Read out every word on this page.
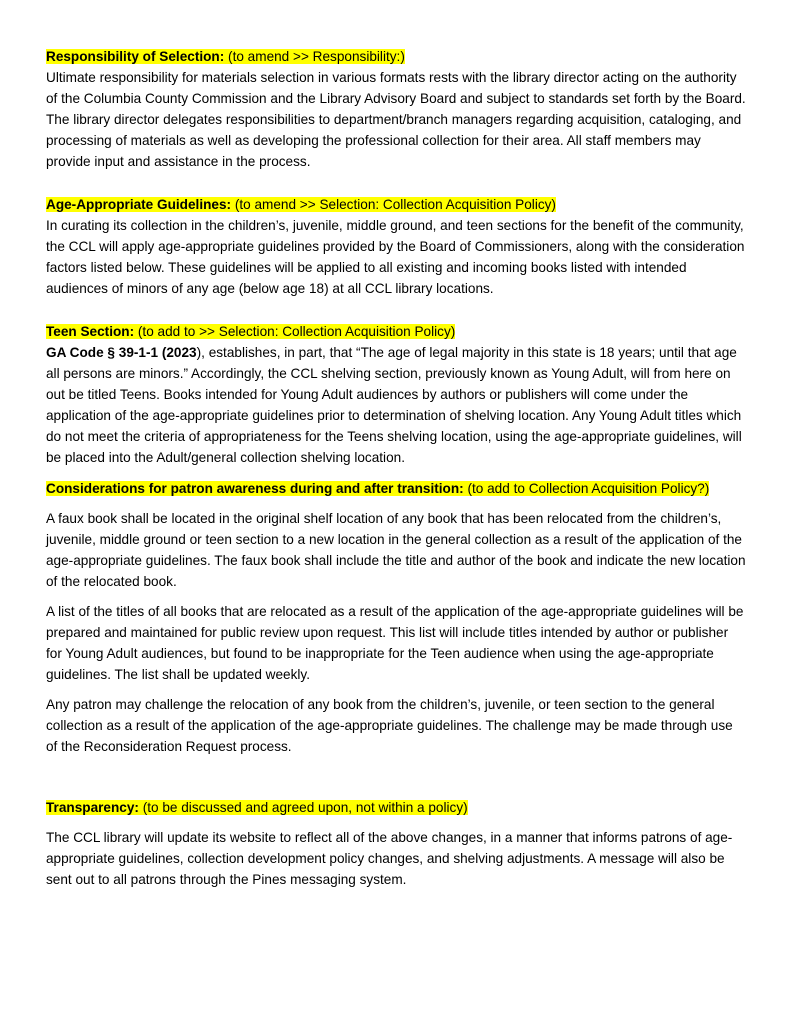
Responsibility of Selection: (to amend >> Responsibility:)

Ultimate responsibility for materials selection in various formats rests with the library director acting on the authority of the Columbia County Commission and the Library Advisory Board and subject to standards set forth by the Board. The library director delegates responsibilities to department/branch managers regarding acquisition, cataloging, and processing of materials as well as developing the professional collection for their area. All staff members may provide input and assistance in the process.

Age-Appropriate Guidelines: (to amend >> Selection: Collection Acquisition Policy)

In curating its collection in the children’s, juvenile, middle ground, and teen sections for the benefit of the community, the CCL will apply age-appropriate guidelines provided by the Board of Commissioners, along with the consideration factors listed below. These guidelines will be applied to all existing and incoming books listed with intended audiences of minors of any age (below age 18) at all CCL library locations.

Teen Section: (to add to >> Selection: Collection Acquisition Policy)

GA Code § 39-1-1 (2023), establishes, in part, that “The age of legal majority in this state is 18 years; until that age all persons are minors.” Accordingly, the CCL shelving section, previously known as Young Adult, will from here on out be titled Teens. Books intended for Young Adult audiences by authors or publishers will come under the application of the age-appropriate guidelines prior to determination of shelving location. Any Young Adult titles which do not meet the criteria of appropriateness for the Teens shelving location, using the age-appropriate guidelines, will be placed into the Adult/general collection shelving location.

Considerations for patron awareness during and after transition: (to add to Collection Acquisition Policy?)

A faux book shall be located in the original shelf location of any book that has been relocated from the children’s, juvenile, middle ground or teen section to a new location in the general collection as a result of the application of the age-appropriate guidelines. The faux book shall include the title and author of the book and indicate the new location of the relocated book.

A list of the titles of all books that are relocated as a result of the application of the age-appropriate guidelines will be prepared and maintained for public review upon request. This list will include titles intended by author or publisher for Young Adult audiences, but found to be inappropriate for the Teen audience when using the age-appropriate guidelines. The list shall be updated weekly.

Any patron may challenge the relocation of any book from the children’s, juvenile, or teen section to the general collection as a result of the application of the age-appropriate guidelines. The challenge may be made through use of the Reconsideration Request process.

Transparency: (to be discussed and agreed upon, not within a policy)

The CCL library will update its website to reflect all of the above changes, in a manner that informs patrons of age-appropriate guidelines, collection development policy changes, and shelving adjustments. A message will also be sent out to all patrons through the Pines messaging system.
